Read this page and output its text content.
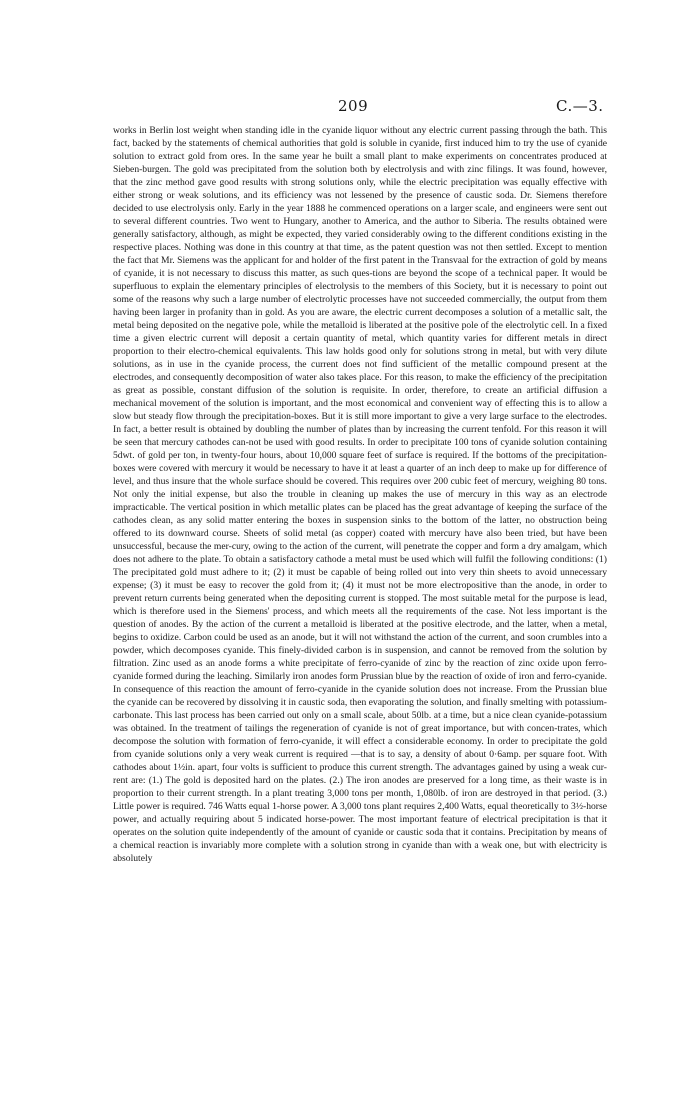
209	C.—3.

works in Berlin lost weight when standing idle in the cyanide liquor without any electric current passing through the bath. This fact, backed by the statements of chemical authorities that gold is soluble in cyanide, first induced him to try the use of cyanide solution to extract gold from ores. In the same year he built a small plant to make experiments on concentrates produced at Sieben-burgen. The gold was precipitated from the solution both by electrolysis and with zinc filings. It was found, however, that the zinc method gave good results with strong solutions only, while the electric precipitation was equally effective with either strong or weak solutions, and its efficiency was not lessened by the presence of caustic soda. Dr. Siemens therefore decided to use electrolysis only. Early in the year 1888 he commenced operations on a larger scale, and engineers were sent out to several different countries. Two went to Hungary, another to America, and the author to Siberia. The results obtained were generally satisfactory, although, as might be expected, they varied considerably owing to the different conditions existing in the respective places. Nothing was done in this country at that time, as the patent question was not then settled. Except to mention the fact that Mr. Siemens was the applicant for and holder of the first patent in the Transvaal for the extraction of gold by means of cyanide, it is not necessary to discuss this matter, as such ques-tions are beyond the scope of a technical paper. It would be superfluous to explain the elementary principles of electrolysis to the members of this Society, but it is necessary to point out some of the reasons why such a large number of electrolytic processes have not succeeded commercially, the output from them having been larger in profanity than in gold. As you are aware, the electric current decomposes a solution of a metallic salt, the metal being deposited on the negative pole, while the metalloid is liberated at the positive pole of the electrolytic cell. In a fixed time a given electric current will deposit a certain quantity of metal, which quantity varies for different metals in direct proportion to their electro-chemical equivalents. This law holds good only for solutions strong in metal, but with very dilute solutions, as in use in the cyanide process, the current does not find sufficient of the metallic compound present at the electrodes, and consequently decomposition of water also takes place. For this reason, to make the efficiency of the precipitation as great as possible, constant diffusion of the solution is requisite. In order, therefore, to create an artificial diffusion a mechanical movement of the solution is important, and the most economical and convenient way of effecting this is to allow a slow but steady flow through the precipitation-boxes. But it is still more important to give a very large surface to the electrodes. In fact, a better result is obtained by doubling the number of plates than by increasing the current tenfold. For this reason it will be seen that mercury cathodes can-not be used with good results. In order to precipitate 100 tons of cyanide solution containing 5dwt. of gold per ton, in twenty-four hours, about 10,000 square feet of surface is required. If the bottoms of the precipitation-boxes were covered with mercury it would be necessary to have it at least a quarter of an inch deep to make up for difference of level, and thus insure that the whole surface should be covered. This requires over 200 cubic feet of mercury, weighing 80 tons. Not only the initial expense, but also the trouble in cleaning up makes the use of mercury in this way as an electrode impracticable. The vertical position in which metallic plates can be placed has the great advantage of keeping the surface of the cathodes clean, as any solid matter entering the boxes in suspension sinks to the bottom of the latter, no obstruction being offered to its downward course. Sheets of solid metal (as copper) coated with mercury have also been tried, but have been unsuccessful, because the mer-cury, owing to the action of the current, will penetrate the copper and form a dry amalgam, which does not adhere to the plate. To obtain a satisfactory cathode a metal must be used which will fulfil the following conditions: (1) The precipitated gold must adhere to it; (2) it must be capable of being rolled out into very thin sheets to avoid unnecessary expense; (3) it must be easy to recover the gold from it; (4) it must not be more electropositive than the anode, in order to prevent return currents being generated when the depositing current is stopped. The most suitable metal for the purpose is lead, which is therefore used in the Siemens' process, and which meets all the requirements of the case. Not less important is the question of anodes. By the action of the current a metalloid is liberated at the positive electrode, and the latter, when a metal, begins to oxidize. Carbon could be used as an anode, but it will not withstand the action of the current, and soon crumbles into a powder, which decomposes cyanide. This finely-divided carbon is in suspension, and cannot be removed from the solution by filtration. Zinc used as an anode forms a white precipitate of ferro-cyanide of zinc by the reaction of zinc oxide upon ferro-cyanide formed during the leaching. Similarly iron anodes form Prussian blue by the reaction of oxide of iron and ferro-cyanide. In consequence of this reaction the amount of ferro-cyanide in the cyanide solution does not increase. From the Prussian blue the cyanide can be recovered by dissolving it in caustic soda, then evaporating the solution, and finally smelting with potassium-carbonate. This last process has been carried out only on a small scale, about 50lb. at a time, but a nice clean cyanide-potassium was obtained. In the treatment of tailings the regeneration of cyanide is not of great importance, but with concen-trates, which decompose the solution with formation of ferro-cyanide, it will effect a considerable economy. In order to precipitate the gold from cyanide solutions only a very weak current is required —that is to say, a density of about 0·6amp. per square foot. With cathodes about 1½in. apart, four volts is sufficient to produce this current strength. The advantages gained by using a weak cur-rent are: (1.) The gold is deposited hard on the plates. (2.) The iron anodes are preserved for a long time, as their waste is in proportion to their current strength. In a plant treating 3,000 tons per month, 1,080lb. of iron are destroyed in that period. (3.) Little power is required. 746 Watts equal 1-horse power. A 3,000 tons plant requires 2,400 Watts, equal theoretically to 3½-horse power, and actually requiring about 5 indicated horse-power. The most important feature of electrical precipitation is that it operates on the solution quite independently of the amount of cyanide or caustic soda that it contains. Precipitation by means of a chemical reaction is invariably more complete with a solution strong in cyanide than with a weak one, but with electricity is absolutely
